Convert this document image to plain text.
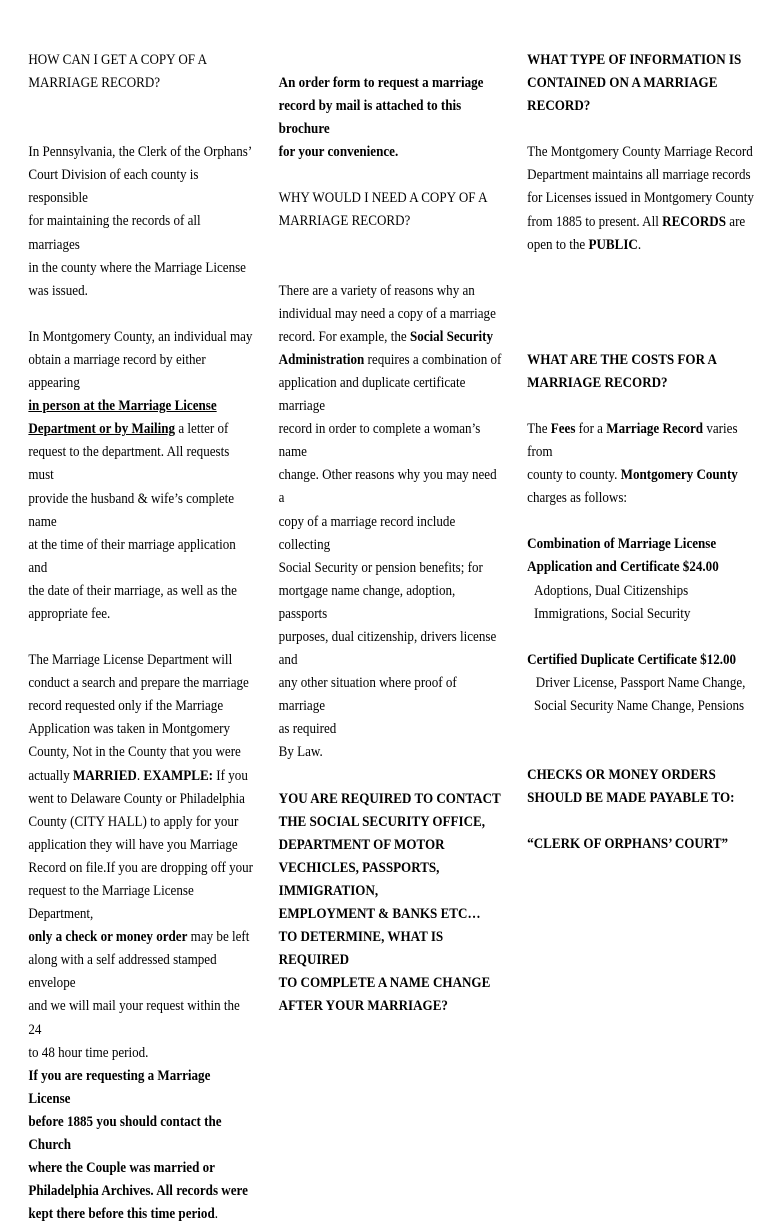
HOW CAN I GET A COPY OF A
MARRIAGE RECORD?

In Pennsylvania, the Clerk of the Orphans’
Court Division of each county is responsible
for maintaining the records of all marriages
in the county where the Marriage License
was issued.

In Montgomery County, an individual may
obtain a marriage record by either appearing
in person at the Marriage License
Department or by Mailing a letter of
request to the department. All requests must
provide the husband & wife’s complete name
at the time of their marriage application and
the date of their marriage, as well as the
appropriate fee.

The Marriage License Department will
conduct a search and prepare the marriage
record requested only if the Marriage
Application was taken in Montgomery
County, Not in the County that you were
actually MARRIED. EXAMPLE: If you
went to Delaware County or Philadelphia
County (CITY HALL) to apply for your
application they will have you Marriage
Record on file.If you are dropping off your
request to the Marriage License Department,
only a check or money order may be left
along with a self addressed stamped envelope
and we will mail your request within the 24
to 48 hour time period.

If you are requesting a Marriage License
before 1885 you should contact the Church
where the Couple was married or
Philadelphia Archives. All records were
kept there before this time period.

An order form to request a marriage
record by mail is attached to this brochure
for your convenience.

WHY WOULD I NEED A COPY OF A
MARRIAGE RECORD?

There are a variety of reasons why an
individual may need a copy of a marriage
record. For example, the Social Security
Administration requires a combination of
application and duplicate certificate marriage
record in order to complete a woman’s name
change. Other reasons why you may need a
copy of a marriage record include collecting
Social Security or pension benefits; for
mortgage name change, adoption, passports
purposes, dual citizenship, drivers license and
any other situation where proof of marriage
as required
By Law.

YOU ARE REQUIRED TO CONTACT
THE SOCIAL SECURITY OFFICE,
DEPARTMENT OF MOTOR
VECHICLES, PASSPORTS,
IMMIGRATION,
EMPLOYMENT & BANKS ETC…
TO DETERMINE, WHAT IS REQUIRED
TO COMPLETE A NAME CHANGE
AFTER YOUR MARRIAGE?

WHAT TYPE OF INFORMATION IS
CONTAINED ON A MARRIAGE
RECORD?

The Montgomery County Marriage Record
Department maintains all marriage records
for Licenses issued in Montgomery County
from 1885 to present. All RECORDS are
open to the PUBLIC.

WHAT ARE THE COSTS FOR A
MARRIAGE RECORD?

The Fees for a Marriage Record varies from
county to county. Montgomery County
charges as follows:

Combination of Marriage License
Application and Certificate $24.00
Adoptions, Dual Citizenships
Immigrations, Social Security

Certified Duplicate Certificate $12.00
Driver License, Passport Name Change,
Social Security Name Change, Pensions

CHECKS OR MONEY ORDERS
SHOULD BE MADE PAYABLE TO:

“CLERK OF ORPHANS’ COURT”
